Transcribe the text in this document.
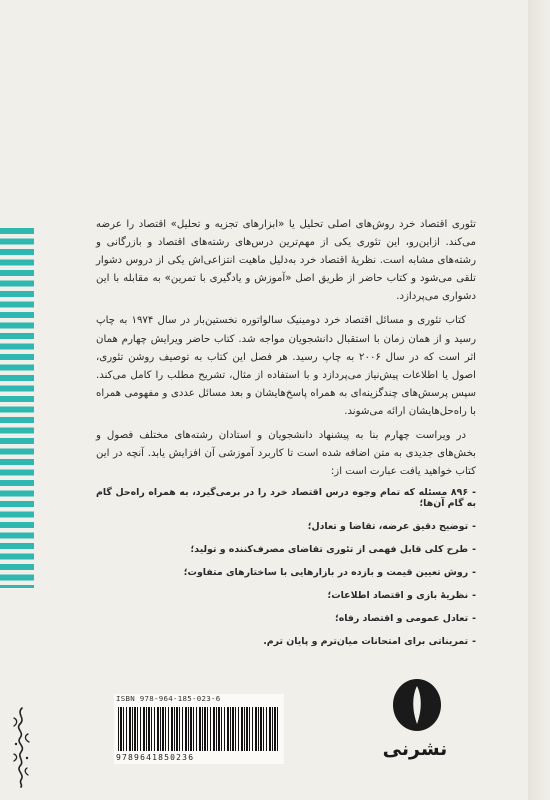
تئوری اقتصاد خرد روش‌های اصلی تحلیل یا «ابزارهای تجزیه و تحلیل» اقتصاد را عرضه می‌کند. ازاین‌رو، این تئوری یکی از مهم‌ترین درس‌های رشته‌های اقتصاد و بازرگانی و رشته‌های مشابه است. نظریهٔ اقتصاد خرد به‌دلیل ماهیت انتزاعی‌اش یکی از دروس دشوار تلقی می‌شود و کتاب حاضر از طریق اصل «آموزش و یادگیری با تمرین» به مقابله با این دشواری می‌پردازد.

کتاب تئوری و مسائل اقتصاد خرد دومینیک سالواتوره نخستین‌بار در سال ۱۹۷۴ به چاپ رسید و از همان زمان با استقبال دانشجویان مواجه شد. کتاب حاضر ویرایش چهارم همان اثر است که در سال ۲۰۰۶ به چاپ رسید. هر فصل این کتاب به توصیف روشن تئوری، اصول یا اطلاعات پیش‌نیاز می‌پردازد و با استفاده از مثال، تشریح مطلب را کامل می‌کند. سپس پرسش‌های چندگزینه‌ای به همراه پاسخ‌هایشان و بعد مسائل عددی و مفهومی همراه با راه‌حل‌هایشان ارائه می‌شوند.

در ویراست چهارم بنا به پیشنهاد دانشجویان و استادان رشته‌های مختلف فصول و بخش‌های جدیدی به متن اضافه شده است تا کاربرد آموزشی آن افزایش یابد. آنچه در این کتاب خواهید یافت عبارت است از:

-۸۹۶ مسئله که تمام وجوه درس اقتصاد خرد را در برمی‌گیرد، به همراه راه‌حل گام به گام آن‌ها؛
-توضیح دقیق عرضه، تقاضا و تعادل؛
-طرح کلی قابل فهمی از تئوری تقاضای مصرف‌کننده و تولید؛
-روش تعیین قیمت و بازده در بازارهایی با ساختارهای متفاوت؛
-نظریهٔ بازی و اقتصاد اطلاعات؛
-تعادل عمومی و اقتصاد رفاه؛
-تمریناتی برای امتحانات میان‌ترم و پایان ترم.
ISBN 978-964-185-023-6
9789641850236	نشرنی
